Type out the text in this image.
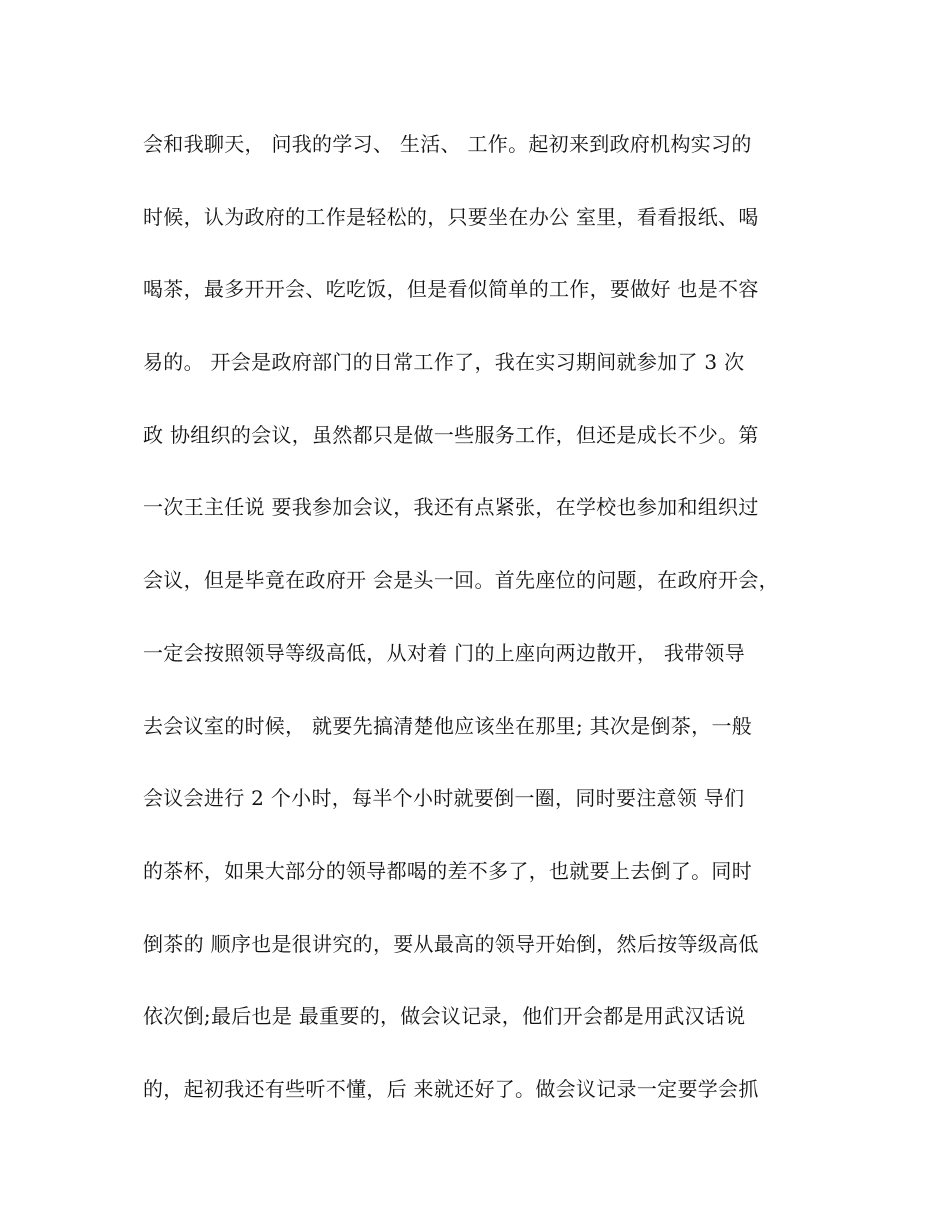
会和我聊天， 问我的学习、 生活、 工作。起初来到政府机构实习的
时候，认为政府的工作是轻松的，只要坐在办公 室里，看看报纸、喝
喝茶，最多开开会、吃吃饭，但是看似简单的工作，要做好 也是不容
易的。 开会是政府部门的日常工作了，我在实习期间就参加了 3 次
政 协组织的会议，虽然都只是做一些服务工作，但还是成长不少。第
一次王主任说 要我参加会议，我还有点紧张，在学校也参加和组织过
会议，但是毕竟在政府开 会是头一回。首先座位的问题，在政府开会，
一定会按照领导等级高低，从对着 门的上座向两边散开， 我带领导
去会议室的时候， 就要先搞清楚他应该坐在那里; 其次是倒茶，一般
会议会进行 2 个小时，每半个小时就要倒一圈，同时要注意领 导们
的茶杯，如果大部分的领导都喝的差不多了，也就要上去倒了。同时
倒茶的 顺序也是很讲究的，要从最高的领导开始倒，然后按等级高低
依次倒;最后也是 最重要的，做会议记录，他们开会都是用武汉话说
的，起初我还有些听不懂，后 来就还好了。做会议记录一定要学会抓
